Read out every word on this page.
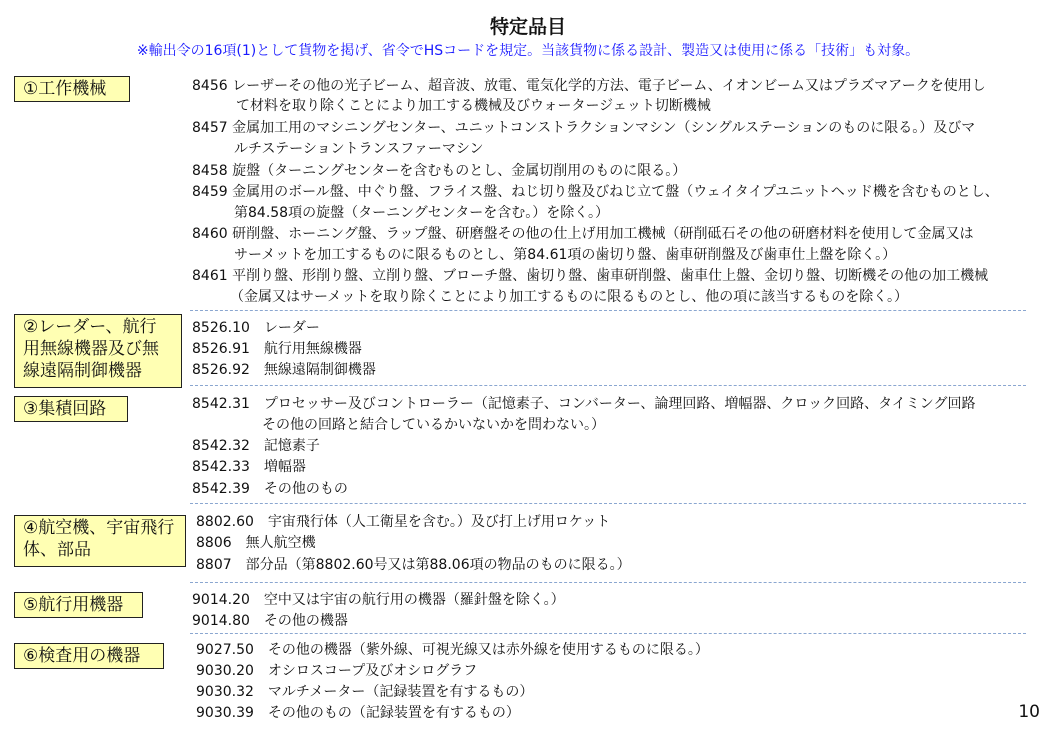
特定品目
※輸出令の16項(1)として貨物を掲げ、省令でHSコードを規定。当該貨物に係る設計、製造又は使用に係る「技術」も対象。
①工作機械	8456 レーザーその他の光子ビーム、超音波、放電、電気化学的方法、電子ビーム、イオンビーム又はプラズマアークを使用し
て材料を取り除くことにより加工する機械及びウォータージェット切断機械
8457 金属加工用のマシニングセンター、ユニットコンストラクションマシン（シングルステーションのものに限る。）及びマ
ルチステーショントランスファーマシン
8458 旋盤（ターニングセンターを含むものとし、金属切削用のものに限る。）
8459 金属用のボール盤、中ぐり盤、フライス盤、ねじ切り盤及びねじ立て盤（ウェイタイプユニットヘッド機を含むものとし、
第84.58項の旋盤（ターニングセンターを含む。）を除く。）
8460 研削盤、ホーニング盤、ラップ盤、研磨盤その他の仕上げ用加工機械（研削砥石その他の研磨材料を使用して金属又は
サーメットを加工するものに限るものとし、第84.61項の歯切り盤、歯車研削盤及び歯車仕上盤を除く。）
8461 平削り盤、形削り盤、立削り盤、ブローチ盤、歯切り盤、歯車研削盤、歯車仕上盤、金切り盤、切断機その他の加工機械
（金属又はサーメットを取り除くことにより加工するものに限るものとし、他の項に該当するものを除く。）
②レーダー、航行用無線機器及び無線遠隔制御機器
8526.10　レーダー
8526.91　航行用無線機器
8526.92　無線遠隔制御機器
③集積回路	8542.31　プロセッサー及びコントローラー（記憶素子、コンバーター、論理回路、増幅器、クロック回路、タイミング回路
その他の回路と結合しているかいないかを問わない。）
8542.32　記憶素子
8542.33　増幅器
8542.39　その他のもの
④航空機、宇宙飛行体、部品
8802.60　宇宙飛行体（人工衛星を含む。）及び打上げ用ロケット
8806　無人航空機
8807　部分品（第8802.60号又は第88.06項の物品のものに限る。）
⑤航行用機器	9014.20　空中又は宇宙の航行用の機器（羅針盤を除く。）
9014.80　その他の機器
⑥検査用の機器	9027.50　その他の機器（紫外線、可視光線又は赤外線を使用するものに限る。）
9030.20　オシロスコープ及びオシログラフ
9030.32　マルチメーター（記録装置を有するもの）
9030.39　その他のもの（記録装置を有するもの）	10
